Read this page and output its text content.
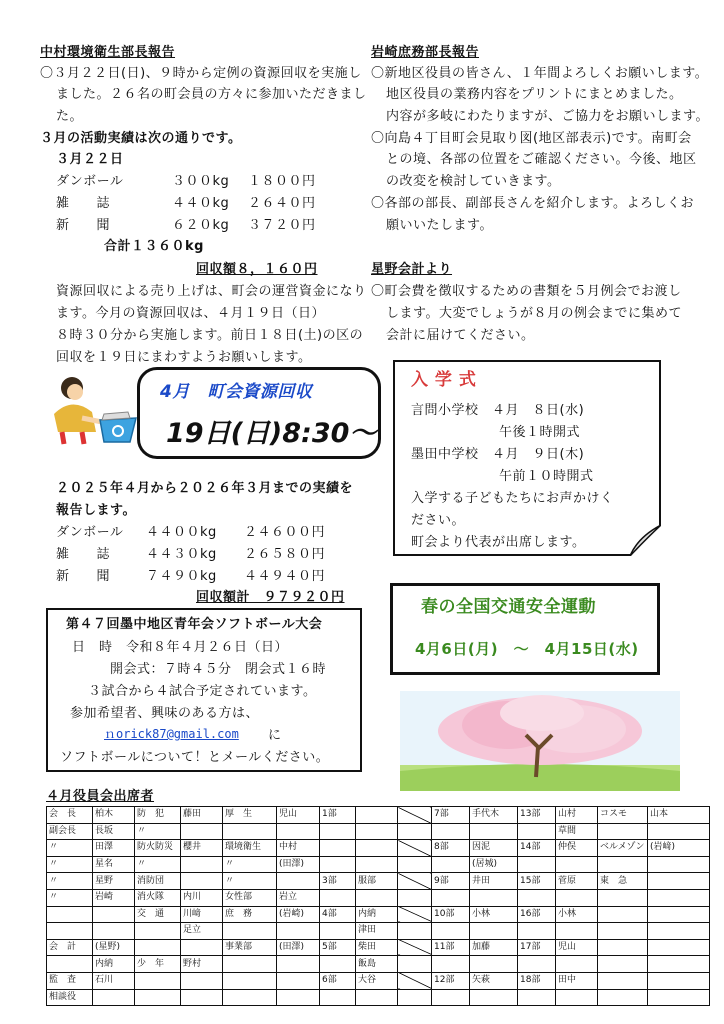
中村環境衛生部長報告
〇３月２２日(日)、９時から定例の資源回収を実施し
ました。２６名の町会員の方々に参加いただきまし
た。
３月の活動実績は次の通りです。
３月２２日
ダンボール	３００kg １８００円
雑　　誌	４４０kg ２６４０円
新　　聞	６２０kg ３７２０円
合計１３６０kg
回収額８，１６０円
資源回収による売り上げは、町会の運営資金になり
ます。今月の資源回収は、４月１９日（日）
８時３０分から実施します。前日１８日(土)の区の
回収を１９日にまわすようお願いします。
4月　町会資源回収
19日(日)8:30～
２０２５年４月から２０２６年３月までの実績を
報告します。
ダンボール ４４００kg ２４６００円
雑　　誌	４４３０kg ２６５８０円
新　　聞	７４９０kg ４４９４０円
回収額計　９７９２０円
第４７回墨中地区青年会ソフトボール大会
日　時　令和８年４月２６日（日）
開会式：７時４５分　閉会式１６時
３試合から４試合予定されています。
参加希望者、興味のある方は、
ｎorick87@gmail.com に
ソフトボールについて！とメールください。
岩崎庶務部長報告
〇新地区役員の皆さん、１年間よろしくお願いします。
地区役員の業務内容をプリントにまとめました。
内容が多岐にわたりますが、ご協力をお願いします。
〇向島４丁目町会見取り図(地区部表示)です。南町会
との境、各部の位置をご確認ください。今後、地区
の改変を検討していきます。
〇各部の部長、副部長さんを紹介します。よろしくお
願いいたします。
星野会計より
〇町会費を徴収するための書類を５月例会でお渡し
します。大変でしょうが８月の例会までに集めて
会計に届けてください。
入 学 式
言問小学校　４月　８日(水)
午後１時開式
墨田中学校　４月　９日(木)
午前１０時開式
入学する子どもたちにお声かけく
ださい。
町会より代表が出席します。
春の全国交通安全運動
4月6日(月)　～　4月15日(水)
４月役員会出席者
会　長	柏木	防　犯	藤田	厚　生	児山	1部			7部	手代木	13部	山村	コスモ	山本
副会長	長坂	〃										草間		
〃	田澤	防火防災	櫻井	環境衛生	中村				8部	因泥	14部	仲俣	ベルメゾン	(岩﨑)
〃	星名	〃		〃	(田澤)					(居城)				
〃	星野	消防団		〃		3部	服部		9部	井田	15部	菅原	東　急	
〃	岩崎	消火隊	内川	女性部	岩立									
		交　通	川﨑	庶　務	(岩崎)	4部	内納		10部	小林	16部	小林		
			足立				津田							
会　計	(星野)			事業部	(田澤)	5部	柴田		11部	加藤	17部	児山		
	内納	少　年	野村				飯島							
監　査	石川					6部	大谷		12部	矢萩	18部	田中		
相談役														
